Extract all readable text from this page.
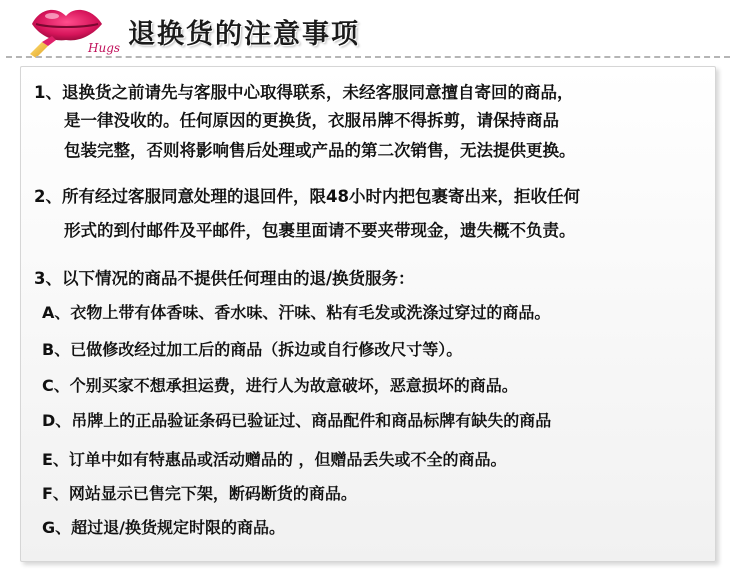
Hugs 退换货的注意事项
1、退换货之前请先与客服中心取得联系，未经客服同意擅自寄回的商品，
是一律没收的。任何原因的更换货，衣服吊牌不得拆剪，请保持商品
包装完整，否则将影响售后处理或产品的第二次销售，无法提供更换。
2、所有经过客服同意处理的退回件，限48小时内把包裹寄出来，拒收任何
形式的到付邮件及平邮件，包裹里面请不要夹带现金，遗失概不负责。
3、以下情况的商品不提供任何理由的退/换货服务：
A、衣物上带有体香味、香水味、汗味、粘有毛发或洗涤过穿过的商品。
B、已做修改经过加工后的商品（拆边或自行修改尺寸等）。
C、个别买家不想承担运费，进行人为故意破坏，恶意损坏的商品。
D、吊牌上的正品验证条码已验证过、商品配件和商品标牌有缺失的商品
E、订单中如有特惠品或活动赠品的 ，但赠品丢失或不全的商品。
F、网站显示已售完下架，断码断货的商品。
G、超过退/换货规定时限的商品。
